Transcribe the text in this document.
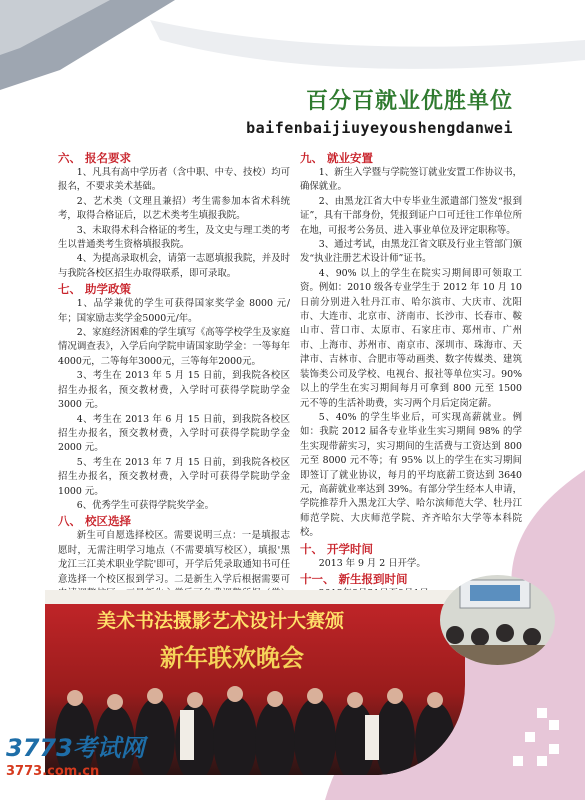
百分百就业优胜单位
baifenbaijiuyeyoushengdanwei
六、 报名要求
1、凡具有高中学历者（含中职、中专、技校）均可报名，不要求美术基础。
2、艺术类（文理且兼招）考生需参加本省术科统考，取得合格证后，以艺术类考生填报我院。
3、未取得术科合格证的考生，及文史与理工类的考生以普通类考生资格填报我院。
4、为提高录取机会，请第一志愿填报我院，并及时与我院各校区招生办取得联系，即可录取。
七、 助学政策
1、品学兼优的学生可获得国家奖学金 8000 元/年；国家励志奖学金5000元/年。
2、家庭经济困难的学生填写《高等学校学生及家庭情况调查表》，入学后向学院申请国家助学金：一等每年4000元，二等每年3000元，三等每年2000元。
3、考生在 2013 年 5 月 15 日前，到我院各校区招生办报名，预交教材费，入学时可获得学院助学金 3000 元。
4、考生在 2013 年 6 月 15 日前，到我院各校区招生办报名，预交教材费，入学时可获得学院助学金 2000 元。
5、考生在 2013 年 7 月 15 日前，到我院各校区招生办报名，预交教材费，入学时可获得学院助学金 1000 元。
6、优秀学生可获得学院奖学金。
八、 校区选择
新生可自愿选择校区。需要说明三点：一是填报志愿时，无需注明学习地点（不需要填写校区），填报'黑龙江三江美术职业学院'即可，开学后凭录取通知书可任意选择一个校区报到学习。二是新生入学后根据需要可
九、 就业安置
1、新生入学暨与学院签订就业安置工作协议书，确保就业。
2、由黑龙江省大中专毕业生派遣部门签发“报到证”，具有干部身份，凭报到证户口可迁往工作单位所在地，可报考公务员、进入事业单位及评定职称等。
3、通过考试，由黑龙江省文联及行业主管部门颁发“执业注册艺术设计师”证书。
4、90% 以上的学生在院实习期间即可领取工资。例如：2010 级各专业学生于 2012 年 10 月 10 日前分别进入牡丹江市、哈尔滨市、大庆市、沈阳市、大连市、北京市、济南市、长沙市、长春市、鞍山市、营口市、太原市、石家庄市、郑州市、广州市、上海市、苏州市、南京市、深圳市、珠海市、天津市、吉林市、合肥市等动画类、数字传媒类、建筑装饰类公司及学校、电视台、报社等单位实习。90% 以上的学生在实习期间每月可拿到 800 元至 1500 元不等的生活补助费，实习两个月后定岗定薪。
5、40% 的学生毕业后，可实现高薪就业。例如：我院 2012 届各专业毕业生实习期间 98% 的学生实现带薪实习，实习期间的生活费与工资达到 800 元至 8000 元不等；有 95% 以上的学生在实习期间即签订了就业协议，每月的平均底薪工资达到 3640 元，高薪就业率达到 39%。有部分学生经本人申请，学院推荐升入黑龙江大学、哈尔滨师范大学、牡丹江师范学院、大庆师范学院、齐齐哈尔大学等本科院校。
十、 开学时间
2013 年 9 月 2 日开学。
十一、 新生报到时间
美术书法摄影艺术设计大赛颁
新年联欢晚会
3773考试网
3773.com.cn
